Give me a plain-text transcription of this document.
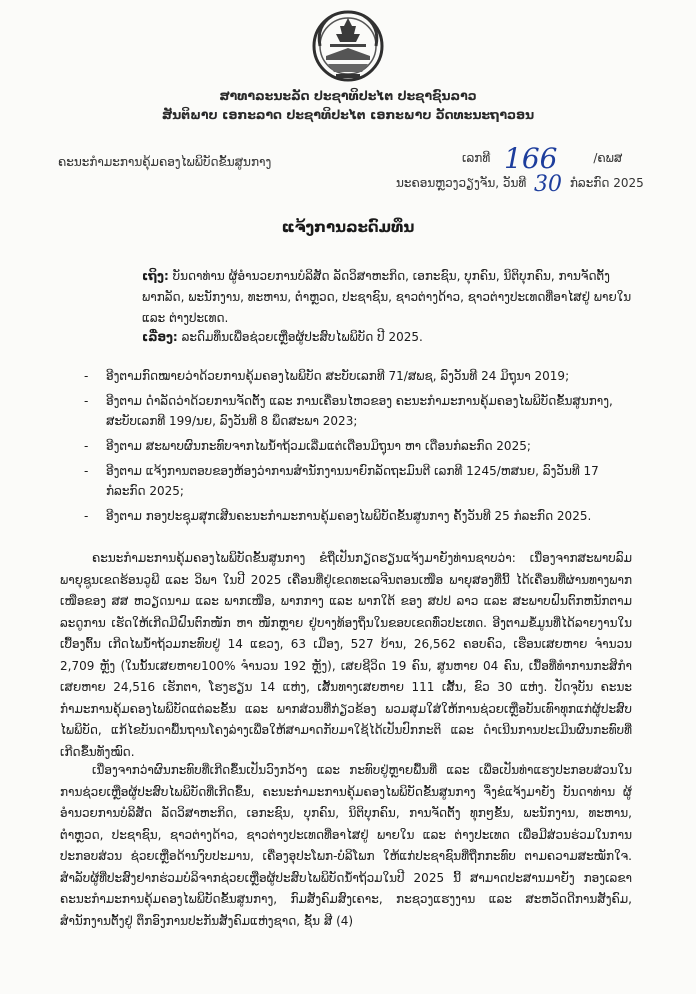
ສາທາລະນະລັດ ປະຊາທິປະໄຕ ປະຊາຊົນລາວ
ສັນຕິພາບ ເອກະລາດ ປະຊາທິປະໄຕ ເອກະພາບ ວັດທະນະຖາວອນ
ຄະນະກຳມະການຄຸ້ມຄອງໄພພິບັດຂັ້ນສູນກາງ	ເລກທີ 166	/ຄພສ
ນະຄອນຫຼວງວຽງຈັນ, ວັນທີ 30 ກໍລະກົດ 2025
ແຈ້ງການລະດົມທຶນ
ເຖິງ: ບັນດາທ່ານ ຜູ້ອຳນວຍການບໍລິສັດ ລັດວິສາຫະກິດ, ເອກະຊົນ, ບຸກຄົນ, ນິຕິບຸກຄົນ, ການຈັດຕັ້ງພາກລັດ, ພະນັກງານ, ທະຫານ, ຕຳຫຼວດ, ປະຊາຊົນ, ຊາວຕ່າງດ້າວ, ຊາວຕ່າງປະເທດທີ່ອາໄສຢູ່ ພາຍໃນ ແລະ ຕ່າງປະເທດ.
ເລື່ອງ: ລະດົມທຶນເພື່ອຊ່ວຍເຫຼືອຜູ້ປະສົບໄພພິບັດ ປີ 2025.
- ອີງຕາມກົດໝາຍວ່າດ້ວຍການຄຸ້ມຄອງໄພພິບັດ ສະບັບເລກທີ 71/ສພຊ, ລົງວັນທີ 24 ມິຖຸນາ 2019;
- ອີງຕາມ ດຳລັດວ່າດ້ວຍການຈັດຕັ້ງ ແລະ ການເຄື່ອນໄຫວຂອງ ຄະນະກຳມະການຄຸ້ມຄອງໄພພິບັດຂັ້ນສູນກາງ, ສະບັບເລກທີ 199/ນຍ, ລົງວັນທີ 8 ພຶດສະພາ 2023;
- ອີງຕາມ ສະພາບຜົນກະທົບຈາກໄພນ້ຳຖ້ວມເລີ່ມແຕ່ເດືອນມິຖຸນາ ຫາ ເດືອນກໍລະກົດ 2025;
- ອີງຕາມ ແຈ້ງການຕອບຂອງຫ້ອງວ່າການສຳນັກງານນາຍົກລັດຖະມົນຕີ ເລກທີ 1245/ຫສນຍ, ລົງວັນທີ 17 ກໍລະກົດ 2025;
- ອີງຕາມ ກອງປະຊຸມສຸກເສີນຄະນະກຳມະການຄຸ້ມຄອງໄພພິບັດຂັ້ນສູນກາງ ຄັ້ງວັນທີ 25 ກໍລະກົດ 2025.
ຄະນະກຳມະການຄຸ້ມຄອງໄພພິບັດຂັ້ນສູນກາງ ຂໍຖືເປັນກຽດຮຽນແຈ້ງມາຍັງທ່ານຊາບວ່າ: ເນື່ອງຈາກສະພາບລົມພາຍຸຊູນເຂດຮ້ອນວູພີ ແລະ ວິພາ ໃນປີ 2025 ເຄື່ອນທີ່ຢູ່ເຂດທະເລຈີນຕອນເໜືອ ພາຍຸສອງທີ່ນີ້ ໄດ້ເຄື່ອນທີ່ຜ່ານທາງພາກເໜືອຂອງ ສສ ຫວຽດນາມ ແລະ ພາກເໜືອ, ພາກກາງ ແລະ ພາກໃຕ້ ຂອງ ສປປ ລາວ ແລະ ສະພາບຝົນຕົກຫນັກຕາມລະດູການ ເຮັດໃຫ້ເກີດມີຝົນຕົກໜັກ ຫາ ໜັກຫຼາຍ ຢູ່ບາງທ້ອງຖິ່ນໃນຂອບເຂດທົ່ວປະເທດ. ອີງຕາມຂໍ້ມູນທີ່ໄດ້ລາຍງານໃນເບື້ອງຕົ້ນ ເກີດໄພນ້ຳຖ້ວມກະທົບຢູ່ 14 ແຂວງ, 63 ເມືອງ, 527 ບ້ານ, 26,562 ຄອບຄົວ, ເຮືອນເສຍຫາຍ ຈຳນວນ 2,709 ຫຼັງ (ໃນນັ້ນເສຍຫາຍ100% ຈຳນວນ 192 ຫຼັງ), ເສຍຊີວິດ 19 ຄົນ, ສູນຫາຍ 04 ຄົນ, ເນື້ອທີ່ທຳການກະສິກຳເສຍຫາຍ 24,516 ເຮັກຕາ, ໂຮງຮຽນ 14 ແຫ່ງ, ເສັ້ນທາງເສຍຫາຍ 111 ເສັ້ນ, ຂົວ 30 ແຫ່ງ. ປັດຈຸບັນ ຄະນະກຳມະການຄຸ້ມຄອງໄພພິບັດແຕ່ລະຂັ້ນ ແລະ ພາກສ່ວນທີ່ກ່ຽວຂ້ອງ ພວມສຸມໃສ່ໃຫ້ການຊ່ວຍເຫຼືອບັນເທົາທຸກແກ່ຜູ້ປະສົບໄພພິບັດ, ແກ້ໄຂບັນດາພື້ນຖານໂຄງລ່າງເພື່ອໃຫ້ສາມາດກັບມາໃຊ້ໄດ້ເປັນປົກກະຕິ ແລະ ດຳເນີນການປະເມີນຜົນກະທົບທີ່ເກີດຂຶ້ນທັງໝົດ.
ເນື່ອງຈາກວ່າຜົນກະທົບທີ່ເກີດຂຶ້ນເປັນວົງກວ້າງ ແລະ ກະທົບຢູ່ຫຼາຍພື້ນທີ່ ແລະ ເພື່ອເປັນທ່າແຮງປະກອບສ່ວນໃນການຊ່ວຍເຫຼືອຜູ້ປະສົບໄພພິບັດທີ່ເກີດຂຶ້ນ, ຄະນະກຳມະການຄຸ້ມຄອງໄພພິບັດຂັ້ນສູນກາງ ຈຶ່ງຂໍແຈ້ງມາຍັງ ບັນດາທ່ານ ຜູ້ອຳນວຍການບໍລິສັດ ລັດວິສາຫະກິດ, ເອກະຊົນ, ບຸກຄົນ, ນິຕິບຸກຄົນ, ການຈັດຕັ້ງ ທຸກໆຂັ້ນ, ພະນັກງານ, ທະຫານ, ຕຳຫຼວດ, ປະຊາຊົນ, ຊາວຕ່າງດ້າວ, ຊາວຕ່າງປະເທດທີ່ອາໄສຢູ່ ພາຍໃນ ແລະ ຕ່າງປະເທດ ເພື່ອມີສ່ວນຮ່ວມໃນການປະກອບສ່ວນ ຊ່ວຍເຫຼືອດ້ານງົບປະມານ, ເຄື່ອງອຸປະໂພກ-ບໍລິໂພກ ໃຫ້ແກ່ປະຊາຊົນທີ່ຖືກກະທົບ ຕາມຄວາມສະໝັກໃຈ. ສຳລັບຜູ້ທີ່ປະສົງຢາກຮ່ວມບໍລິຈາກຊ່ວຍເຫຼືອຜູ້ປະສົບໄພພິບັດນ້ຳຖ້ວມໃນປີ 2025 ນີ້ ສາມາດປະສານມາຍັງ ກອງເລຂາຄະນະກຳມະການຄຸ້ມຄອງໄພພິບັດຂັ້ນສູນກາງ, ກົມສັງຄົມສົງເຄາະ, ກະຊວງແຮງງານ ແລະ ສະຫວັດດີການສັງຄົມ, ສຳນັກງານຕັ້ງຢູ່ ຕຶກອົງການປະກັນສັງຄົມແຫ່ງຊາດ, ຊັ້ນ ສີ (4)
